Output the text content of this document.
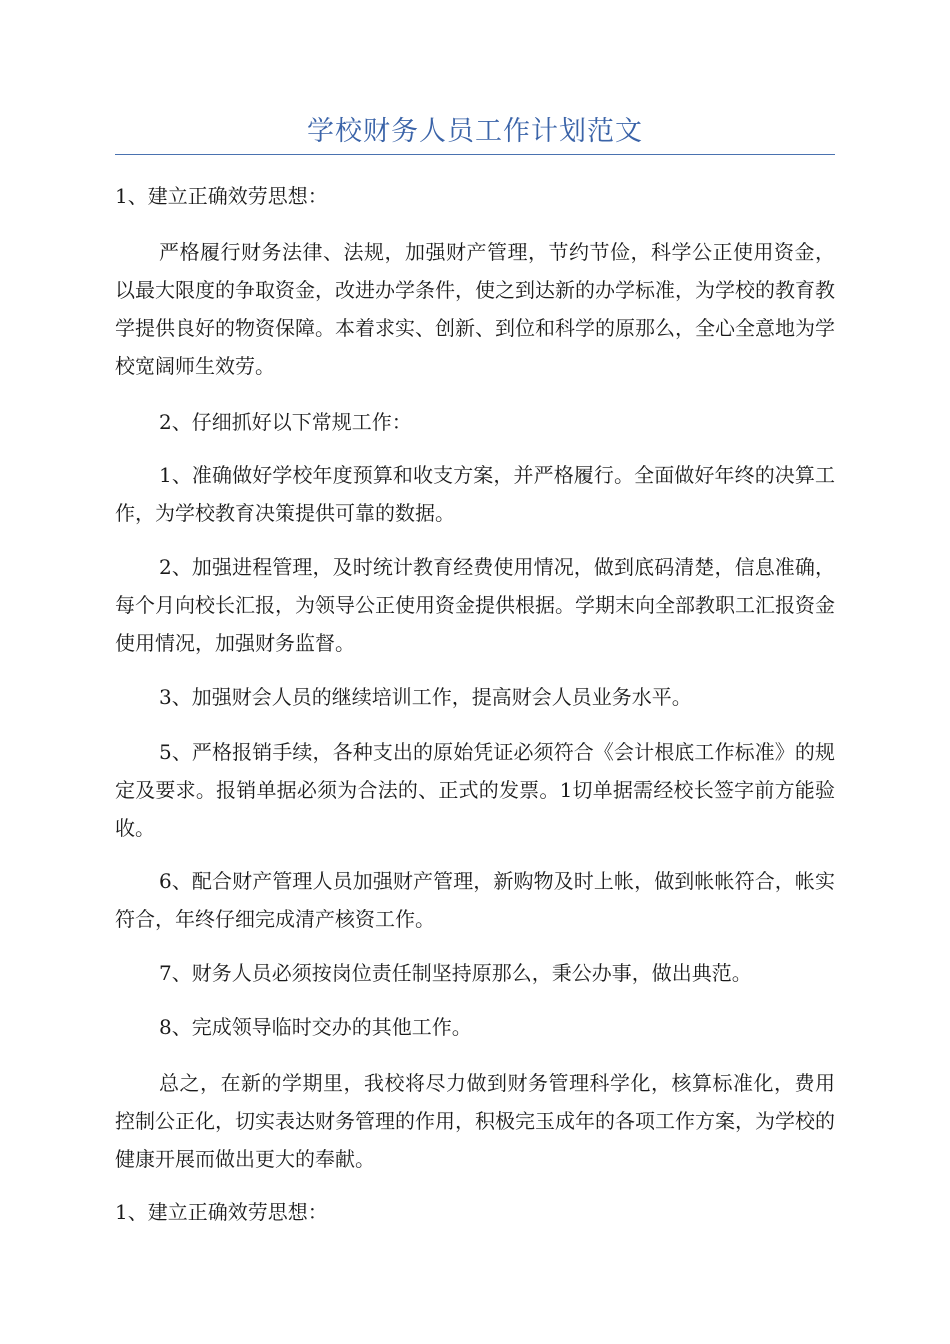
学校财务人员工作计划范文
1、建立正确效劳思想：
严格履行财务法律、法规，加强财产管理，节约节俭，科学公正使用资金，以最大限度的争取资金，改进办学条件，使之到达新的办学标准，为学校的教育教学提供良好的物资保障。本着求实、创新、到位和科学的原那么，全心全意地为学校宽阔师生效劳。
2、仔细抓好以下常规工作：
1、准确做好学校年度预算和收支方案，并严格履行。全面做好年终的决算工作，为学校教育决策提供可靠的数据。
2、加强进程管理，及时统计教育经费使用情况，做到底码清楚，信息准确，每个月向校长汇报，为领导公正使用资金提供根据。学期末向全部教职工汇报资金使用情况，加强财务监督。
3、加强财会人员的继续培训工作，提高财会人员业务水平。
5、严格报销手续，各种支出的原始凭证必须符合《会计根底工作标准》的规定及要求。报销单据必须为合法的、正式的发票。1切单据需经校长签字前方能验收。
6、配合财产管理人员加强财产管理，新购物及时上帐，做到帐帐符合，帐实符合，年终仔细完成清产核资工作。
7、财务人员必须按岗位责任制坚持原那么，秉公办事，做出典范。
8、完成领导临时交办的其他工作。
总之，在新的学期里，我校将尽力做到财务管理科学化，核算标准化，费用控制公正化，切实表达财务管理的作用，积极完玉成年的各项工作方案，为学校的健康开展而做出更大的奉献。
1、建立正确效劳思想：
